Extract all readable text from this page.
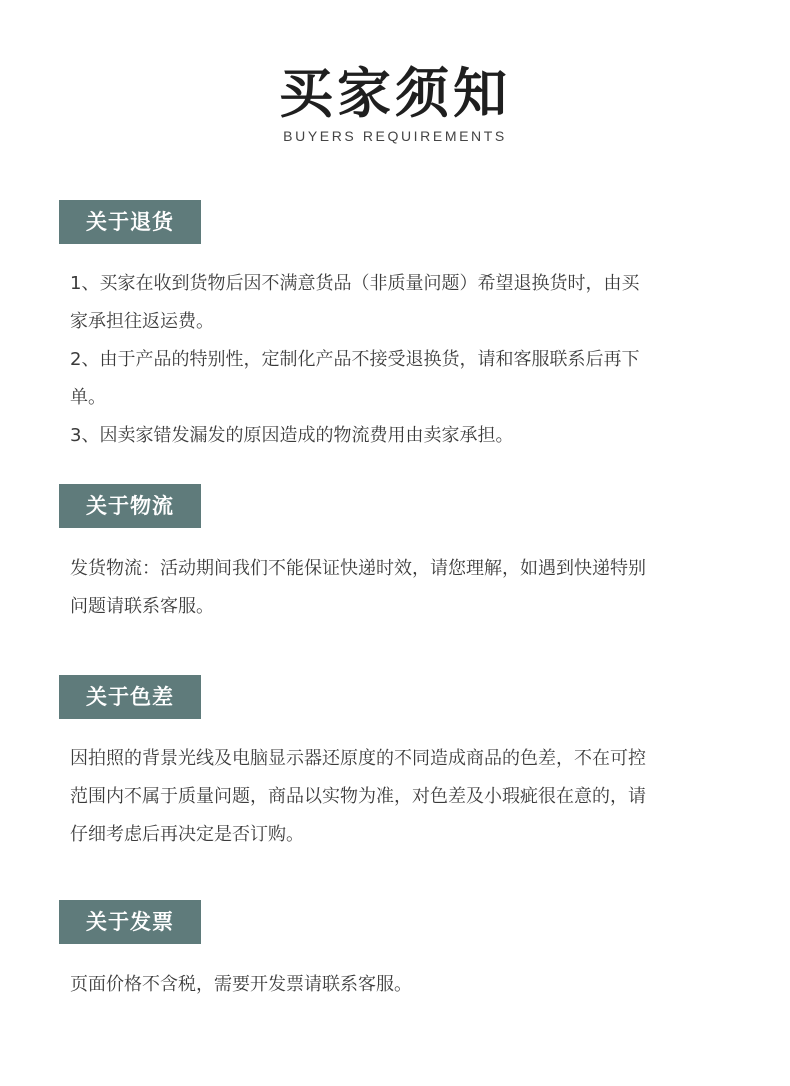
买家须知
BUYERS REQUIREMENTS
关于退货
1、买家在收到货物后因不满意货品（非质量问题）希望退换货时，由买
家承担往返运费。
2、由于产品的特别性，定制化产品不接受退换货，请和客服联系后再下
单。
3、因卖家错发漏发的原因造成的物流费用由卖家承担。
关于物流
发货物流：活动期间我们不能保证快递时效，请您理解，如遇到快递特别
问题请联系客服。
关于色差
因拍照的背景光线及电脑显示器还原度的不同造成商品的色差，不在可控
范围内不属于质量问题，商品以实物为准，对色差及小瑕疵很在意的，请
仔细考虑后再决定是否订购。
关于发票
页面价格不含税，需要开发票请联系客服。
